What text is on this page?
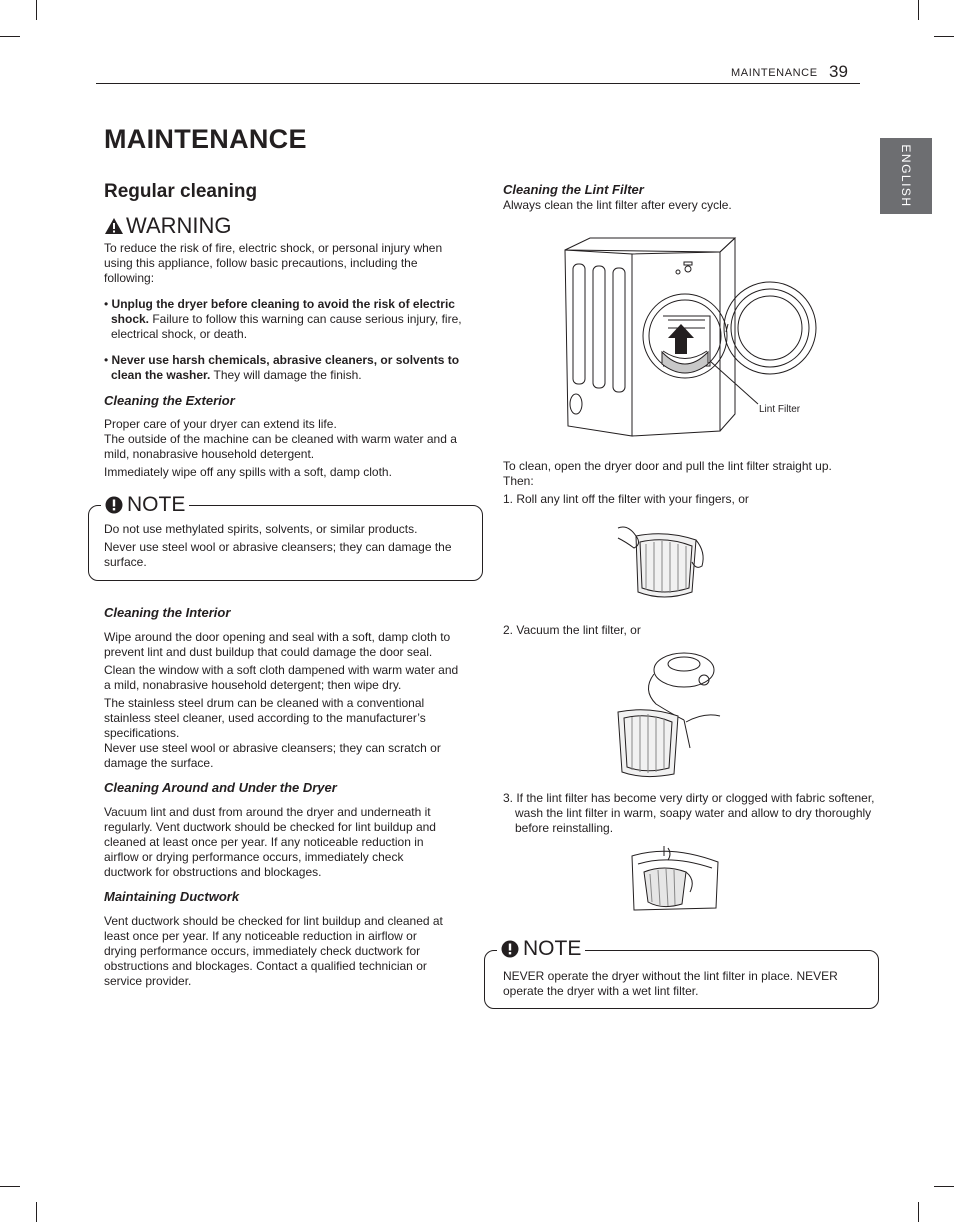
MAINTENANCE 39
ENGLISH
MAINTENANCE
Regular cleaning
WARNING
To reduce the risk of fire, electric shock, or personal injury when using this appliance, follow basic precautions, including the following:
• Unplug the dryer before cleaning to avoid the risk of electric shock. Failure to follow this warning can cause serious injury, fire, electrical shock, or death.
• Never use harsh chemicals, abrasive cleaners, or solvents to clean the washer. They will damage the finish.
Cleaning the Exterior

Proper care of your dryer can extend its life.

The outside of the machine can be cleaned with warm water and a mild, nonabrasive household detergent.

Immediately wipe off any spills with a soft, damp cloth.

NOTE

Do not use methylated spirits, solvents, or similar products.

Never use steel wool or abrasive cleansers; they can damage the surface.

Cleaning the Interior

Wipe around the door opening and seal with a soft, damp cloth to prevent lint and dust buildup that could damage the door seal.

Clean the window with a soft cloth dampened with warm water and a mild, nonabrasive household detergent; then wipe dry.

The stainless steel drum can be cleaned with a conventional stainless steel cleaner, used according to the manufacturer’s specifications.

Never use steel wool or abrasive cleansers; they can scratch or damage the surface.

Cleaning Around and Under the Dryer
Vacuum lint and dust from around the dryer and underneath it regularly. Vent ductwork should be checked for lint buildup and cleaned at least once per year. If any noticeable reduction in airflow or drying performance occurs, immediately check ductwork for obstructions and blockages.
Maintaining Ductwork
Vent ductwork should be checked for lint buildup and cleaned at least once per year. If any noticeable reduction in airflow or drying performance occurs, immediately check ductwork for obstructions and blockages. Contact a qualified technician or service provider.
Cleaning the Lint Filter
Always clean the lint filter after every cycle.
Lint Filter
To clean, open the dryer door and pull the lint filter straight up. Then:
1. Roll any lint off the filter with your fingers, or
2. Vacuum the lint filter, or
3. If the lint filter has become very dirty or clogged with fabric softener, wash the lint filter in warm, soapy water and allow to dry thoroughly before reinstalling.
NOTE

NEVER operate the dryer without the lint filter in place. NEVER operate the dryer with a wet lint filter.
